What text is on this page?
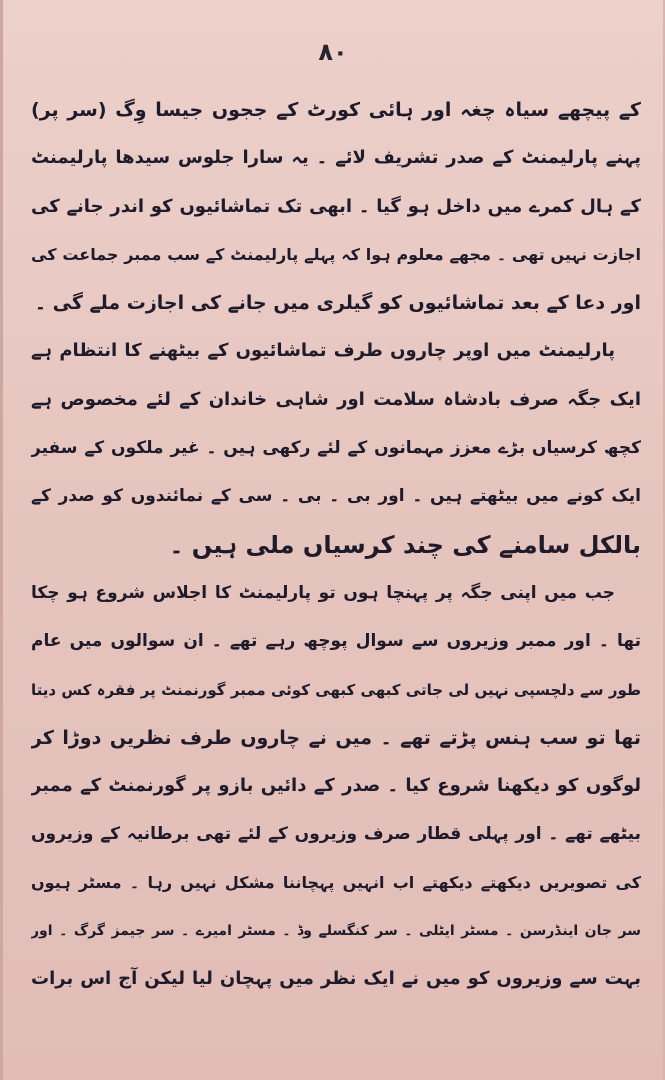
۸۰
کے پیچھے سیاہ چغہ اور ہائی کورٹ کے ججوں جیسا وِگ (سر پر)
پہنے پارلیمنٹ کے صدر تشریف لائے ۔ یہ سارا جلوس سیدھا پارلیمنٹ
کے ہال کمرے میں داخل ہو گیا ۔ ابھی تک تماشائیوں کو اندر جانے کی
اجازت نہیں تھی ۔ مجھے معلوم ہوا کہ پہلے پارلیمنٹ کے سب ممبر جماعت کی
اور دعا کے بعد تماشائیوں کو گیلری میں جانے کی اجازت ملے گی ۔
پارلیمنٹ میں اوپر چاروں طرف تماشائیوں کے بیٹھنے کا انتظام ہے
ایک جگہ صرف بادشاہ سلامت اور شاہی خاندان کے لئے مخصوص ہے
کچھ کرسیاں بڑے معزز مہمانوں کے لئے رکھی ہیں ۔ غیر ملکوں کے سفیر
ایک کونے میں بیٹھتے ہیں ۔ اور بی ۔ بی ۔ سی کے نمائندوں کو صدر کے
بالکل سامنے کی چند کرسیاں ملی ہیں ۔
جب میں اپنی جگہ پر پہنچا ہوں تو پارلیمنٹ کا اجلاس شروع ہو چکا
تھا ۔ اور ممبر وزیروں سے سوال پوچھ رہے تھے ۔ ان سوالوں میں عام
طور سے دلچسپی نہیں لی جاتی کبھی کبھی کوئی ممبر گورنمنٹ پر فقرہ کس دیتا
تھا تو سب ہنس پڑتے تھے ۔ میں نے چاروں طرف نظریں دوڑا کر
لوگوں کو دیکھنا شروع کیا ۔ صدر کے دائیں بازو پر گورنمنٹ کے ممبر
بیٹھے تھے ۔ اور پہلی قطار صرف وزیروں کے لئے تھی برطانیہ کے وزیروں
کی تصویریں دیکھتے دیکھتے اب انہیں پہچاننا مشکل نہیں رہا ۔ مسٹر ہیوں
سر جان اینڈرسن ۔ مسٹر ایٹلی ۔ سر کنگسلے وڈ ۔ مسٹر امیرے ۔ سر جیمز گرگ ۔ اور
بہت سے وزیروں کو میں نے ایک نظر میں پہچان لیا لیکن آج اس برات
